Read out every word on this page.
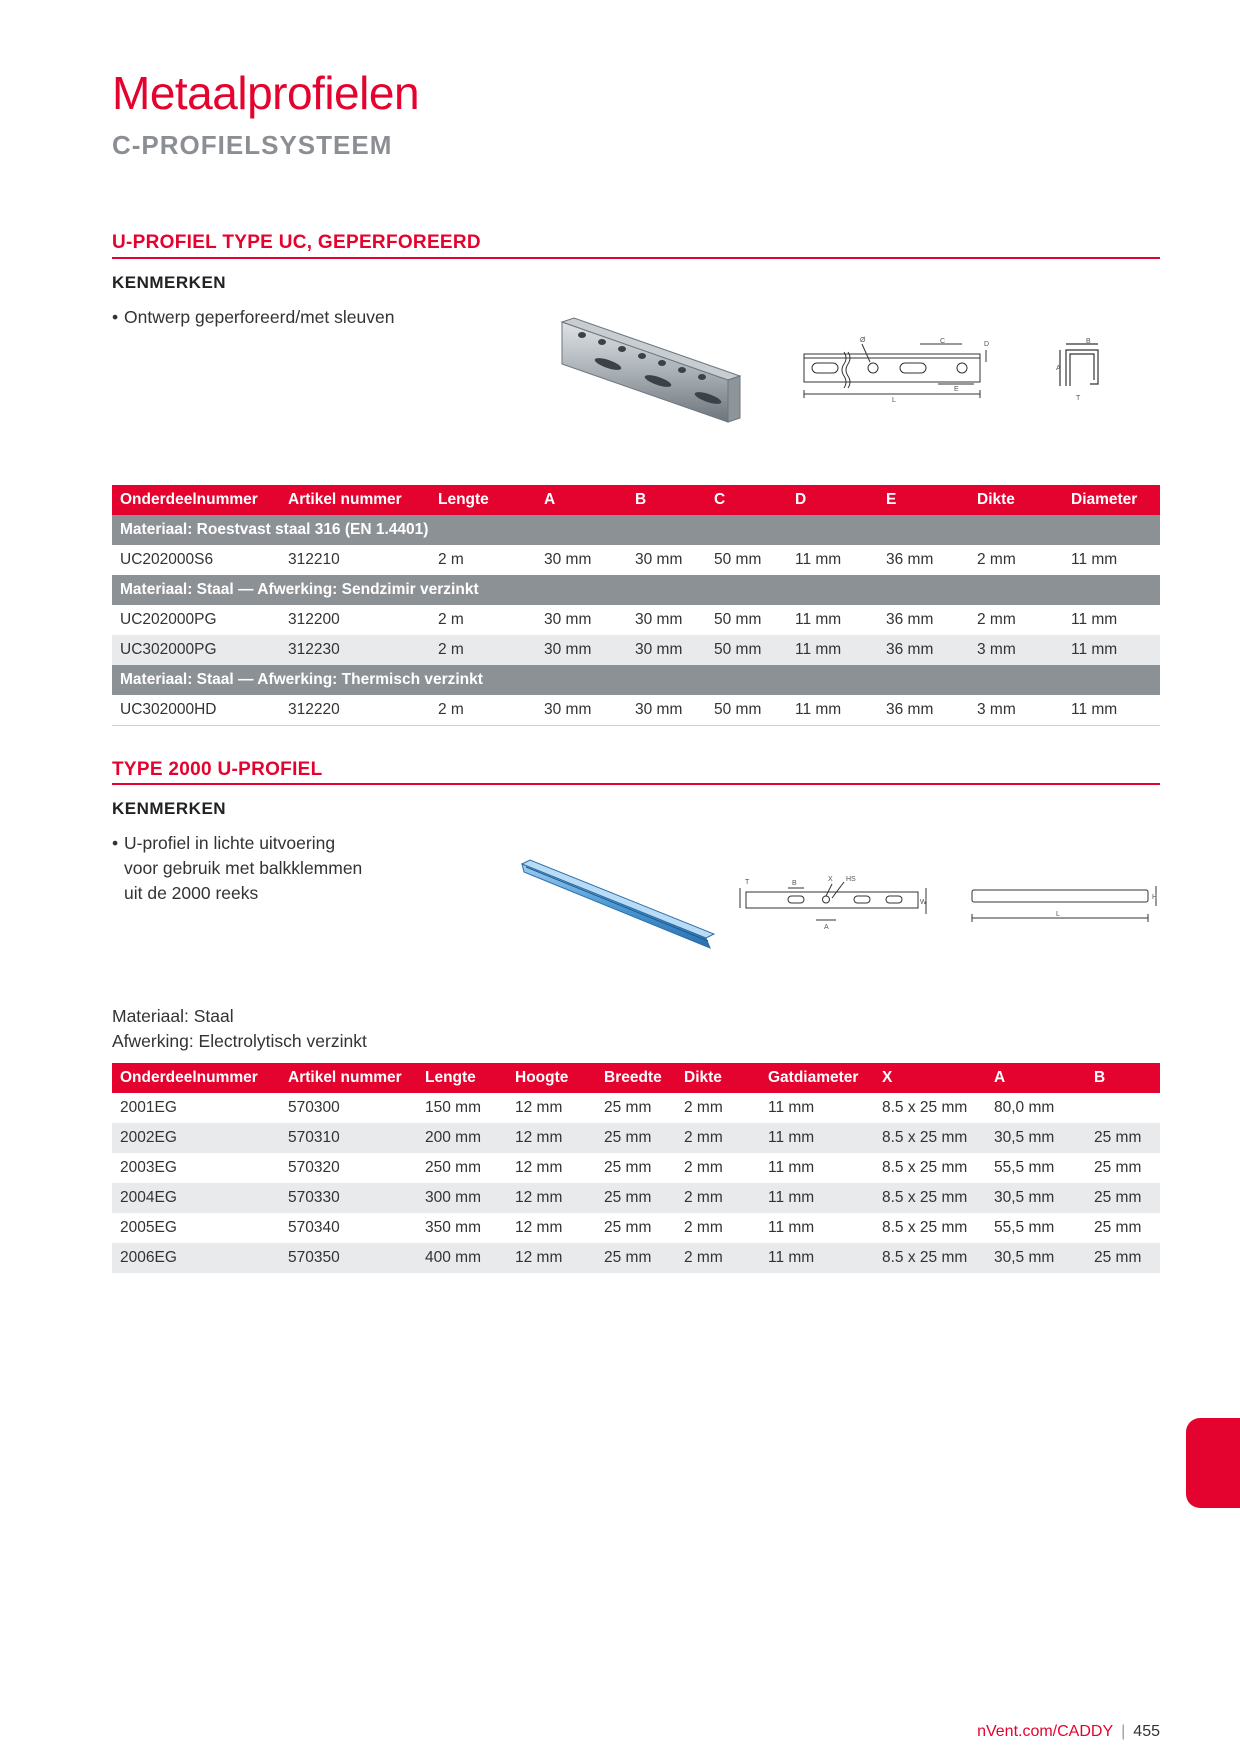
Metaalprofielen
C-PROFIELSYSTEEM
U-PROFIEL TYPE UC, GEPERFOREERD
KENMERKEN
• Ontwerp geperforeerd/met sleuven
Ø	C	D
E
L
B
A
T
Onderdeelnummer	Artikel nummer	Lengte	A	B	C	D	E	Dikte	Diameter
Materiaal: Roestvast staal 316 (EN 1.4401)									
UC202000S6	312210	2 m	30 mm	30 mm	50 mm	11 mm	36 mm	2 mm	11 mm
Materiaal: Staal — Afwerking: Sendzimir verzinkt									
UC202000PG	312200	2 m	30 mm	30 mm	50 mm	11 mm	36 mm	2 mm	11 mm
UC302000PG	312230	2 m	30 mm	30 mm	50 mm	11 mm	36 mm	3 mm	11 mm
Materiaal: Staal — Afwerking: Thermisch verzinkt									
UC302000HD	312220	2 m	30 mm	30 mm	50 mm	11 mm	36 mm	3 mm	11 mm
TYPE 2000 U-PROFIEL
KENMERKEN
• U-profiel in lichte uitvoering
voor gebruik met balkklemmen
uit de 2000 reeks
T	B
X HS
W
A
L
H
Materiaal: Staal
Afwerking: Electrolytisch verzinkt
Onderdeelnummer	Artikel nummer	Lengte	Hoogte	Breedte	Dikte	Gatdiameter	X	A	B
2001EG	570300	150 mm	12 mm	25 mm	2 mm	11 mm	8.5 x 25 mm	80,0 mm	
2002EG	570310	200 mm	12 mm	25 mm	2 mm	11 mm	8.5 x 25 mm	30,5 mm	25 mm
2003EG	570320	250 mm	12 mm	25 mm	2 mm	11 mm	8.5 x 25 mm	55,5 mm	25 mm
2004EG	570330	300 mm	12 mm	25 mm	2 mm	11 mm	8.5 x 25 mm	30,5 mm	25 mm
2005EG	570340	350 mm	12 mm	25 mm	2 mm	11 mm	8.5 x 25 mm	55,5 mm	25 mm
2006EG	570350	400 mm	12 mm	25 mm	2 mm	11 mm	8.5 x 25 mm	30,5 mm	25 mm
nVent.com/CADDY | 455
